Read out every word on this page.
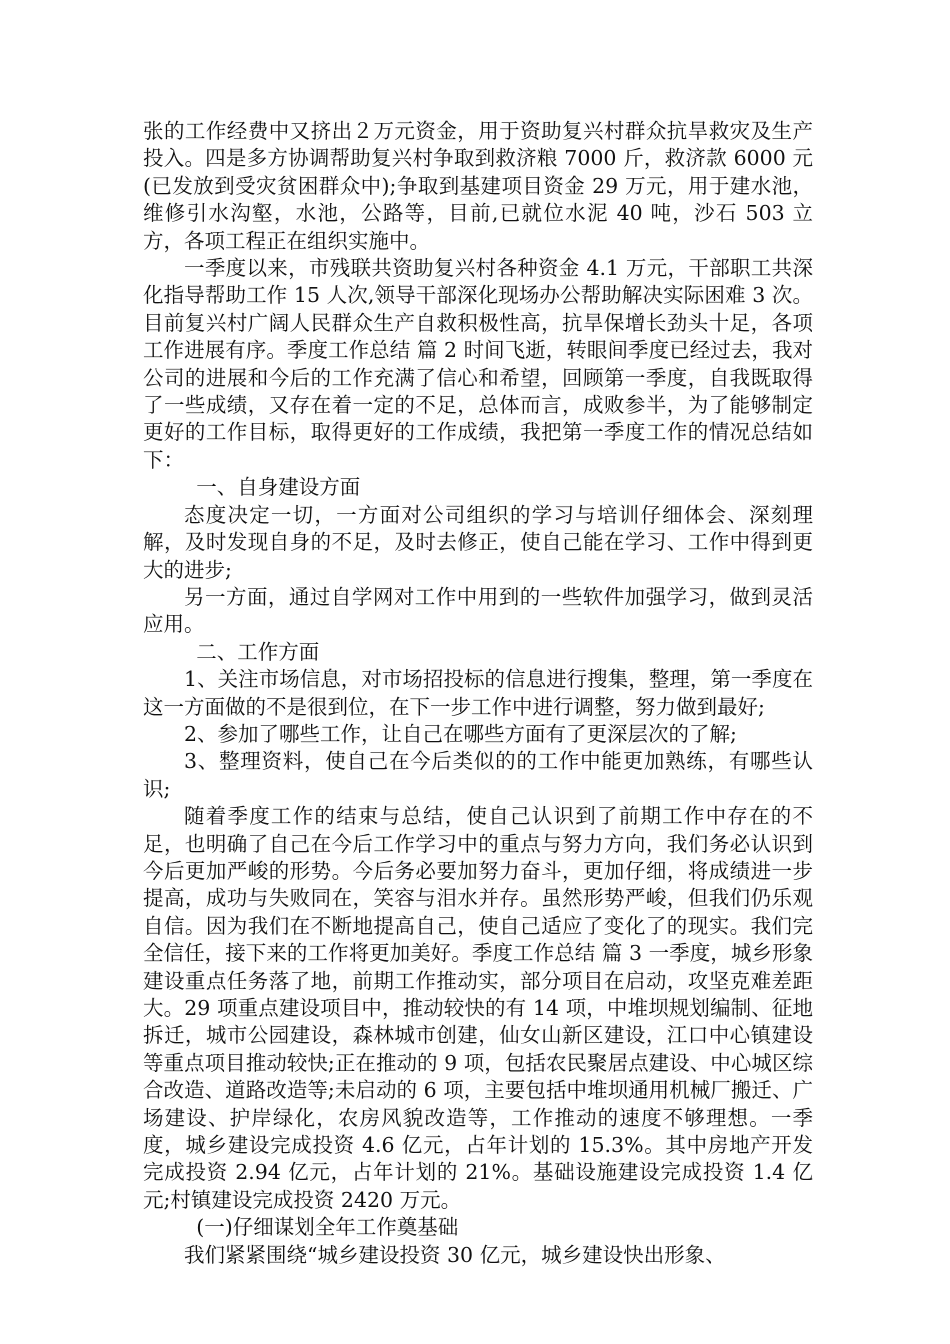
张的工作经费中又挤出２万元资金，用于资助复兴村群众抗旱救灾及生产投入。四是多方协调帮助复兴村争取到救济粮 7000 斤，救济款 6000 元(已发放到受灾贫困群众中);争取到基建项目资金 29 万元，用于建水池，维修引水沟壑，水池，公路等，目前,已就位水泥 40 吨，沙石 503 立方，各项工程正在组织实施中。

一季度以来，市残联共资助复兴村各种资金 4.1 万元，干部职工共深化指导帮助工作 15 人次,领导干部深化现场办公帮助解决实际困难 3 次。目前复兴村广阔人民群众生产自救积极性高，抗旱保增长劲头十足，各项工作进展有序。季度工作总结 篇 2 时间飞逝，转眼间季度已经过去，我对公司的进展和今后的工作充满了信心和希望，回顾第一季度，自我既取得了一些成绩，又存在着一定的不足，总体而言，成败参半，为了能够制定更好的工作目标，取得更好的工作成绩，我把第一季度工作的情况总结如下：

一、自身建设方面

态度决定一切，一方面对公司组织的学习与培训仔细体会、深刻理解，及时发现自身的不足，及时去修正，使自己能在学习、工作中得到更大的进步;

另一方面，通过自学网对工作中用到的一些软件加强学习，做到灵活应用。

二、工作方面

1、关注市场信息，对市场招投标的信息进行搜集，整理，第一季度在这一方面做的不是很到位，在下一步工作中进行调整，努力做到最好;

2、参加了哪些工作，让自己在哪些方面有了更深层次的了解;

3、整理资料，使自己在今后类似的的工作中能更加熟练，有哪些认识;

随着季度工作的结束与总结，使自己认识到了前期工作中存在的不足，也明确了自己在今后工作学习中的重点与努力方向，我们务必认识到今后更加严峻的形势。今后务必要加努力奋斗，更加仔细，将成绩进一步提高，成功与失败同在，笑容与泪水并存。虽然形势严峻，但我们仍乐观自信。因为我们在不断地提高自己，使自己适应了变化了的现实。我们完全信任，接下来的工作将更加美好。季度工作总结 篇 3 一季度，城乡形象建设重点任务落了地，前期工作推动实，部分项目在启动，攻坚克难差距大。29 项重点建设项目中，推动较快的有 14 项，中堆坝规划编制、征地拆迁，城市公园建设，森林城市创建，仙女山新区建设，江口中心镇建设等重点项目推动较快;正在推动的 9 项，包括农民聚居点建设、中心城区综合改造、道路改造等;未启动的 6 项，主要包括中堆坝通用机械厂搬迁、广场建设、护岸绿化，农房风貌改造等，工作推动的速度不够理想。一季度，城乡建设完成投资 4.6 亿元，占年计划的 15.3%。其中房地产开发完成投资 2.94 亿元，占年计划的 21%。基础设施建设完成投资 1.4 亿元;村镇建设完成投资 2420 万元。

(一)仔细谋划全年工作奠基础

我们紧紧围绕“城乡建设投资 30 亿元，城乡建设快出形象、
